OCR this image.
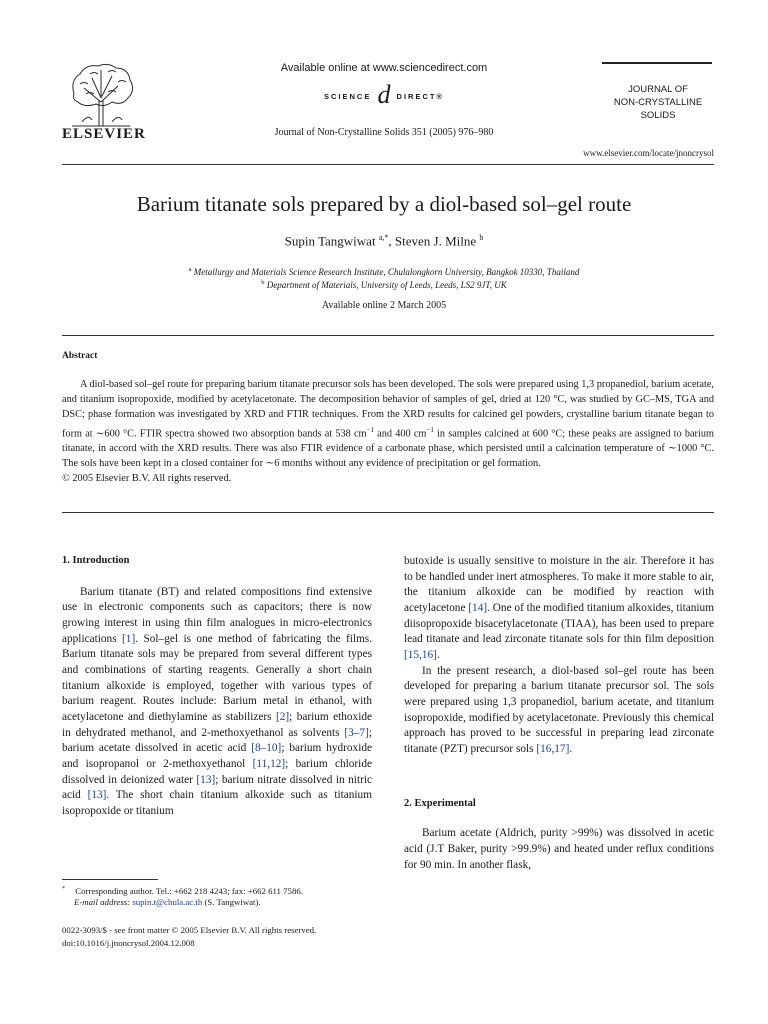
ELSEVIER
Available online at www.sciencedirect.com
SCIENCE d DIRECT®
Journal of Non-Crystalline Solids 351 (2005) 976–980
JOURNAL OF
NON-CRYSTALLINE SOLIDS
www.elsevier.com/locate/jnoncrysol
Barium titanate sols prepared by a diol-based sol–gel route
Supin Tangwiwat $^{a,*}$, Steven J. Milne $^b$
$^a$ Metallurgy and Materials Science Research Institute, Chulalongkorn University, Bangkok 10330, Thailand
$^b$ Department of Materials, University of Leeds, Leeds, LS2 9JT, UK
Available online 2 March 2005
Abstract
A diol-based sol–gel route for preparing barium titanate precursor sols has been developed. The sols were prepared using 1,3 propanediol, barium acetate, and titanium isopropoxide, modified by acetylacetonate. The decomposition behavior of samples of gel, dried at 120 °C, was studied by GC–MS, TGA and DSC; phase formation was investigated by XRD and FTIR techniques. From the XRD results for calcined gel powders, crystalline barium titanate began to form at ∼600 °C. FTIR spectra showed two absorption bands at 538 $cm^{-1}$ and 400 $cm^{-1}$ in samples calcined at 600 °C; these peaks are assigned to barium titanate, in accord with the XRD results. There was also FTIR evidence of a carbonate phase, which persisted until a calcination temperature of ∼1000 °C. The sols have been kept in a closed container for ∼6 months without any evidence of precipitation or gel formation.
© 2005 Elsevier B.V. All rights reserved.
1. Introduction

Barium titanate (BT) and related compositions find extensive use in electronic components such as capacitors; there is now growing interest in using thin film analogues in micro-electronics applications [1]. Sol–gel is one method of fabricating the films. Barium titanate sols may be prepared from several different types and combinations of starting reagents. Generally a short chain titanium alkoxide is employed, together with various types of barium reagent. Routes include: Barium metal in ethanol, with acetylacetone and diethylamine as stabilizers [2]; barium ethoxide in dehydrated methanol, and 2-methoxyethanol as solvents [3–7]; barium acetate dissolved in acetic acid [8–10]; barium hydroxide and isopropanol or 2-methoxyethanol [11,12]; barium chloride dissolved in deionized water [13]; barium nitrate dissolved in nitric acid [13]. The short chain titanium alkoxide such as titanium isopropoxide or titanium

butoxide is usually sensitive to moisture in the air. Therefore it has to be handled under inert atmospheres. To make it more stable to air, the titanium alkoxide can be modified by reaction with acetylacetone [14]. One of the modified titanium alkoxides, titanium diisopropoxide bisacetylacetonate (TIAA), has been used to prepare lead titanate and lead zirconate titanate sols for thin film deposition [15,16].

In the present research, a diol-based sol–gel route has been developed for preparing a barium titanate precursor sol. The sols were prepared using 1,3 propanediol, barium acetate, and titanium isopropoxide, modified by acetylacetonate. Previously this chemical approach has proved to be successful in preparing lead zirconate titanate (PZT) precursor sols [16,17].

2. Experimental

Barium acetate (Aldrich, purity >99%) was dissolved in acetic acid (J.T Baker, purity >99.9%) and heated under reflux conditions for 90 min. In another flask,

* Corresponding author. Tel.: +662 218 4243; fax: +662 611 7586.
E-mail address: supin.t@chula.ac.th (S. Tangwiwat).
0022-3093/$ - see front matter © 2005 Elsevier B.V. All rights reserved.
doi:10.1016/j.jnoncrysol.2004.12.008
